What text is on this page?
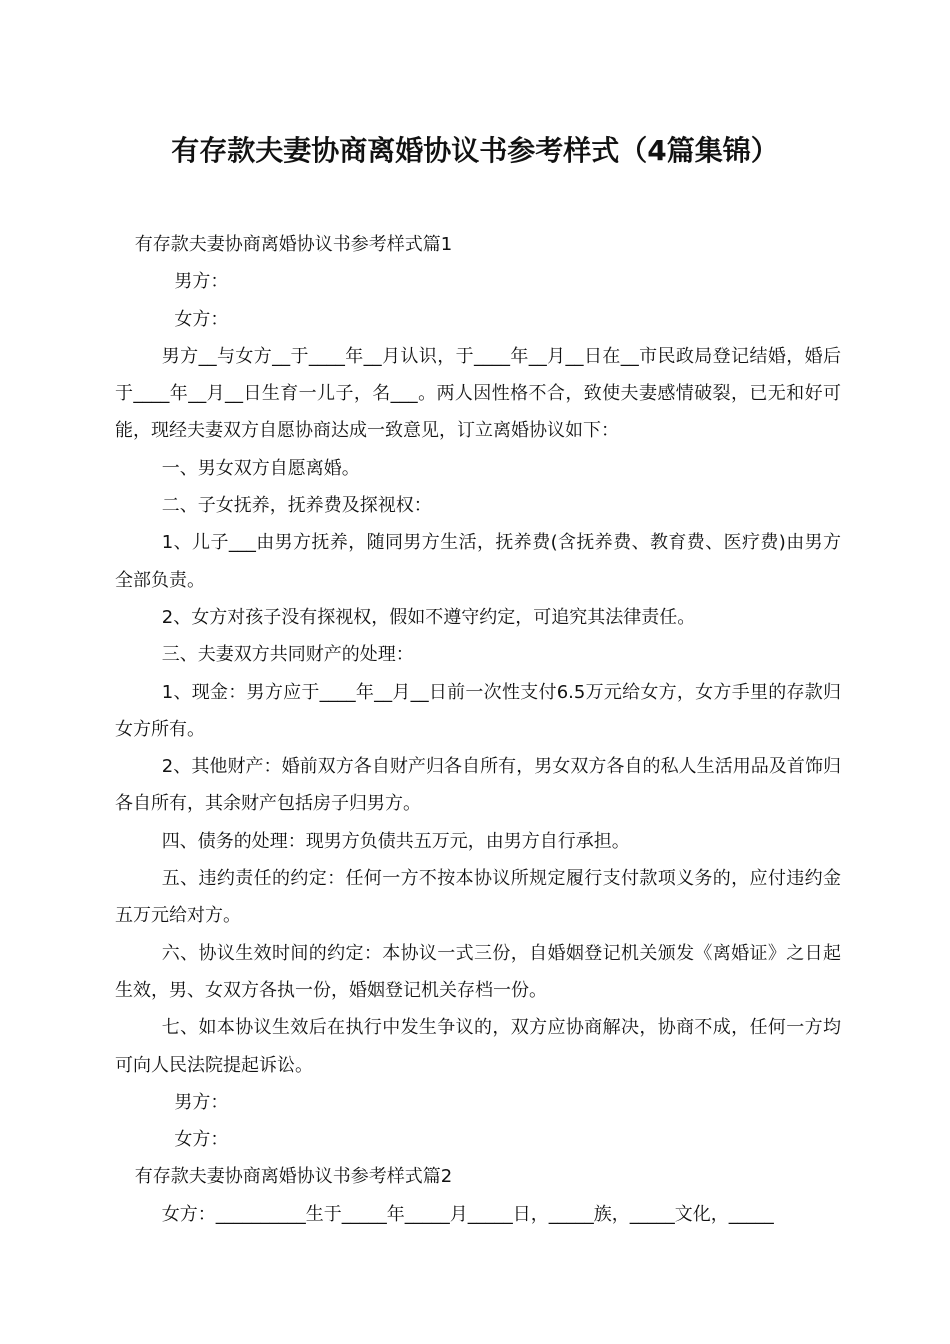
有存款夫妻协商离婚协议书参考样式（4篇集锦）

有存款夫妻协商离婚协议书参考样式篇1

男方：

女方：

男方__与女方__于____年__月认识，于____年__月__日在__市民政局登记结婚，婚后于____年__月__日生育一儿子，名___。两人因性格不合，致使夫妻感情破裂，已无和好可能，现经夫妻双方自愿协商达成一致意见，订立离婚协议如下：

一、男女双方自愿离婚。

二、子女抚养，抚养费及探视权：

1、儿子___由男方抚养，随同男方生活，抚养费(含抚养费、教育费、医疗费)由男方全部负责。

2、女方对孩子没有探视权，假如不遵守约定，可追究其法律责任。

三、夫妻双方共同财产的处理：

1、现金：男方应于____年__月__日前一次性支付6.5万元给女方，女方手里的存款归女方所有。

2、其他财产：婚前双方各自财产归各自所有，男女双方各自的私人生活用品及首饰归各自所有，其余财产包括房子归男方。

四、债务的处理：现男方负债共五万元，由男方自行承担。

五、违约责任的约定：任何一方不按本协议所规定履行支付款项义务的，应付违约金五万元给对方。

六、协议生效时间的约定：本协议一式三份，自婚姻登记机关颁发《离婚证》之日起生效，男、女双方各执一份，婚姻登记机关存档一份。

七、如本协议生效后在执行中发生争议的，双方应协商解决，协商不成，任何一方均可向人民法院提起诉讼。

男方：

女方：

有存款夫妻协商离婚协议书参考样式篇2

女方：__________生于_____年_____月_____日，_____族，_____文化，_____
